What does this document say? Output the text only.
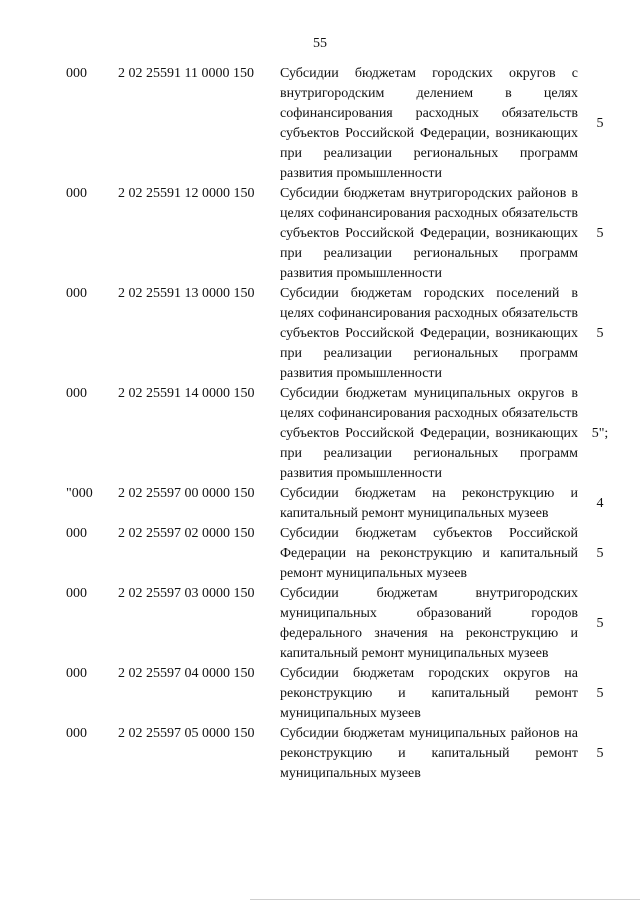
55
000	2 02 25591 11 0000 150	Субсидии бюджетам городских округов с внутригородским делением в целях софинансирования расходных обязательств субъектов Российской Федерации, возникающих при реализации региональных программ развития промышленности	5
000	2 02 25591 12 0000 150	Субсидии бюджетам внутригородских районов в целях софинансирования расходных обязательств субъектов Российской Федерации, возникающих при реализации региональных программ развития промышленности	5
000	2 02 25591 13 0000 150	Субсидии бюджетам городских поселений в целях софинансирования расходных обязательств субъектов Российской Федерации, возникающих при реализации региональных программ развития промышленности	5
000	2 02 25591 14 0000 150	Субсидии бюджетам муниципальных округов в целях софинансирования расходных обязательств субъектов Российской Федерации, возникающих при реализации региональных программ развития промышленности	5";
"000	2 02 25597 00 0000 150	Субсидии бюджетам на реконструкцию и капитальный ремонт муниципальных музеев	4
000	2 02 25597 02 0000 150	Субсидии бюджетам субъектов Российской Федерации на реконструкцию и капитальный ремонт муниципальных музеев	5
000	2 02 25597 03 0000 150	Субсидии бюджетам внутригородских муниципальных образований городов федерального значения на реконструкцию и капитальный ремонт муниципальных музеев	5
000	2 02 25597 04 0000 150	Субсидии бюджетам городских округов на реконструкцию и капитальный ремонт муниципальных музеев	5
000	2 02 25597 05 0000 150	Субсидии бюджетам муниципальных районов на реконструкцию и капитальный ремонт муниципальных музеев	5
